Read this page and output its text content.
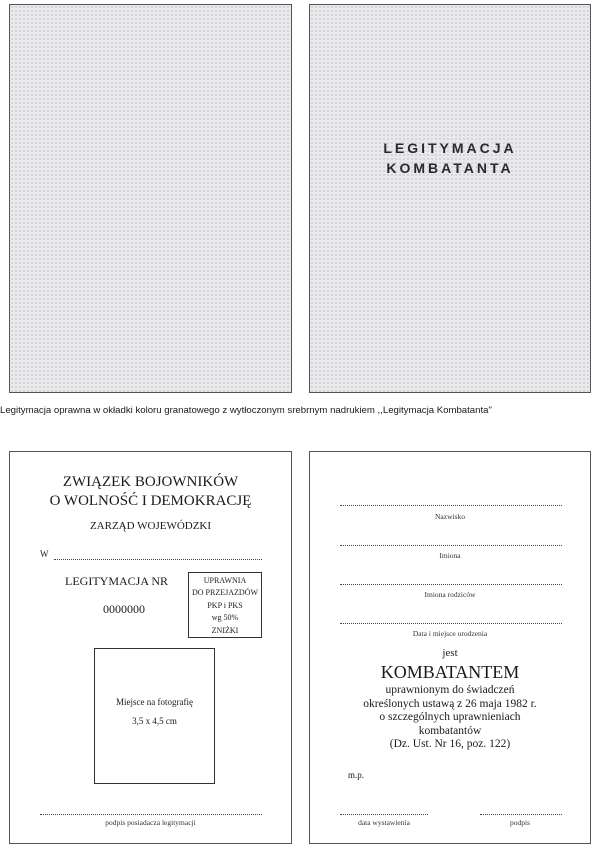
LEGITYMACJA
KOMBATANTA
Legitymacja oprawna w okładki koloru granatowego z wytłoczonym srebrnym nadrukiem ,,Legitymacja Kombatanta"
ZWIĄZEK BOJOWNIKÓW
O WOLNOŚĆ I DEMOKRACJĘ
ZARZĄD WOJEWÓDZKI
W
LEGITYMACJA NR
0000000
UPRAWNIA
DO PRZEJAZDÓW
PKP i PKS
wg 50%
ZNIŻKI
Miejsce na fotografię
3,5 x 4,5 cm
podpis posiadacza legitymacji
Nazwisko
Imiona
Imiona rodziców
Data i miejsce urodzenia
jest
KOMBATANTEM
uprawnionym do świadczeń
określonych ustawą z 26 maja 1982 r.
o szczególnych uprawnieniach
kombatantów
(Dz. Ust. Nr 16, poz. 122)
m.p.
data wystawienia	podpis
